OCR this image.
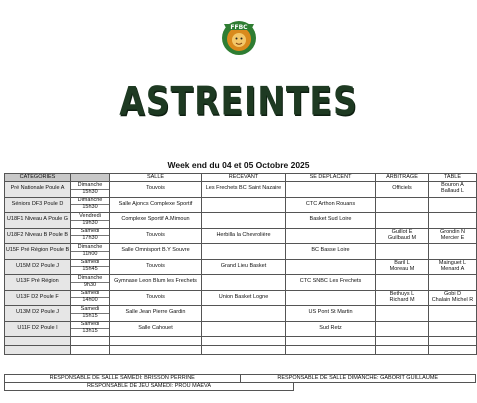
FFBC
ASTREINTES
Week end du 04 et 05 Octobre 2025
CATEGORIES		SALLE	RECEVANT	SE DEPLACENT	ARBITRAGE	TABLE
Pré Nationale Poule A	Dimanche
15h30	Touvois	Les Frechets BC Saint Nazaire		Officiels	Bouron A
Ballaud L

Séniors DF3 Poule D	Dimanche
15h30	Salle Ajoncs Complexe Sportif		CTC Arthon Rouans	

U18F1 Niveau A Poule G	Vendredi
19h30	Complexe Sportif A.Mimoun		Basket Sud Loire	

U18F2 Niveau B Poule B	Samedi
17h30	Touvois	Herbilla la Chevrolière		Guillot E
Guilbaud M	Grondin N
Mercier E

U15F Pré Région Poule B	Dimanche
11h00	Salle Omnisport B.Y Souvre		BC Basse Loire	

U15M D2 Poule J	Samedi
15h45	Touvois	Grand Lieu Basket		Baril L
Moreau M	Mainguet L
Menard A

U13F Pré Région	Dimanche
9h30	Gymnase Leon Blum les Frechets		CTC SNBC Les Frechets	

U13F D2 Poule F	Samedi
14h00	Touvois	Union Basket Logne		Bethuys L
Richard M	Gobi D
Chalain Michel R

U13M D2 Poule J	Samedi
15h15	Salle Jean Pierre Gardin		US Pont St Martin	

U11F D2 Poule I	Samedi
13h15	Salle Cahouet		Sud Retz	

RESPONSABLE DE SALLE SAMEDI: BRISSON PERRINE	RESPONSABLE DE SALLE DIMANCHE: GABORIT GUILLAUME
RESPONSABLE DE JEU SAMEDI: PROU MAEVA
